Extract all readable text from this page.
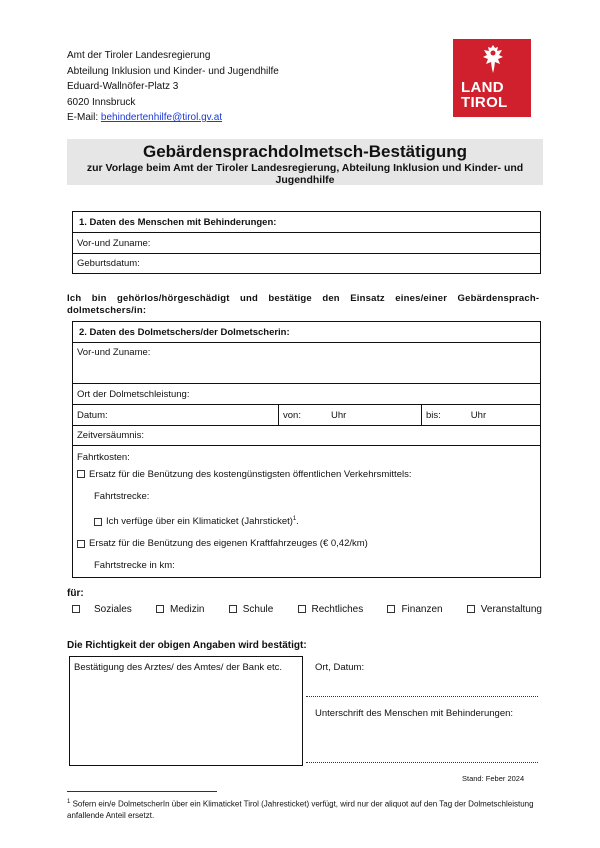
Amt der Tiroler Landesregierung
Abteilung Inklusion und Kinder- und Jugendhilfe
Eduard-Wallnöfer-Platz 3
6020 Innsbruck
E-Mail: behindertenhilfe@tirol.gv.at
LAND
TIROL
Gebärdensprachdolmetsch-Bestätigung
zur Vorlage beim Amt der Tiroler Landesregierung, Abteilung Inklusion und Kinder- und Jugendhilfe
1. Daten des Menschen mit Behinderungen:
Vor-und Zuname:
Geburtsdatum:
Ich bin gehörlos/hörgeschädigt und bestätige den Einsatz eines/einer Gebärdensprachdolmetschers/in:
2. Daten des Dolmetschers/der Dolmetscherin:
Vor-und Zuname:
Ort der Dolmetschleistung:
Datum:	von:	Uhr	bis:	Uhr
Zeitversäumnis:

Fahrtkosten:
Ersatz für die Benützung des kostengünstigsten öffentlichen Verkehrsmittels:
Fahrtstrecke:
Ich verfüge über ein Klimaticket (Jahrsticket)$^1$.
Ersatz für die Benützung des eigenen Kraftfahrzeuges (€ 0,42/km)
Fahrtstrecke in km:
für:
Soziales	Medizin	Schule	Rechtliches	Finanzen	Veranstaltung
Die Richtigkeit der obigen Angaben wird bestätigt:
Bestätigung des Arztes/ des Amtes/ der Bank etc.	Ort, Datum:
Unterschrift des Menschen mit Behinderungen:
Stand: Feber 2024
$^1$ Sofern ein/e DolmetscherIn über ein Klimaticket Tirol (Jahresticket) verfügt, wird nur der aliquot auf den Tag der Dolmetschleistung anfallende Anteil ersetzt.
